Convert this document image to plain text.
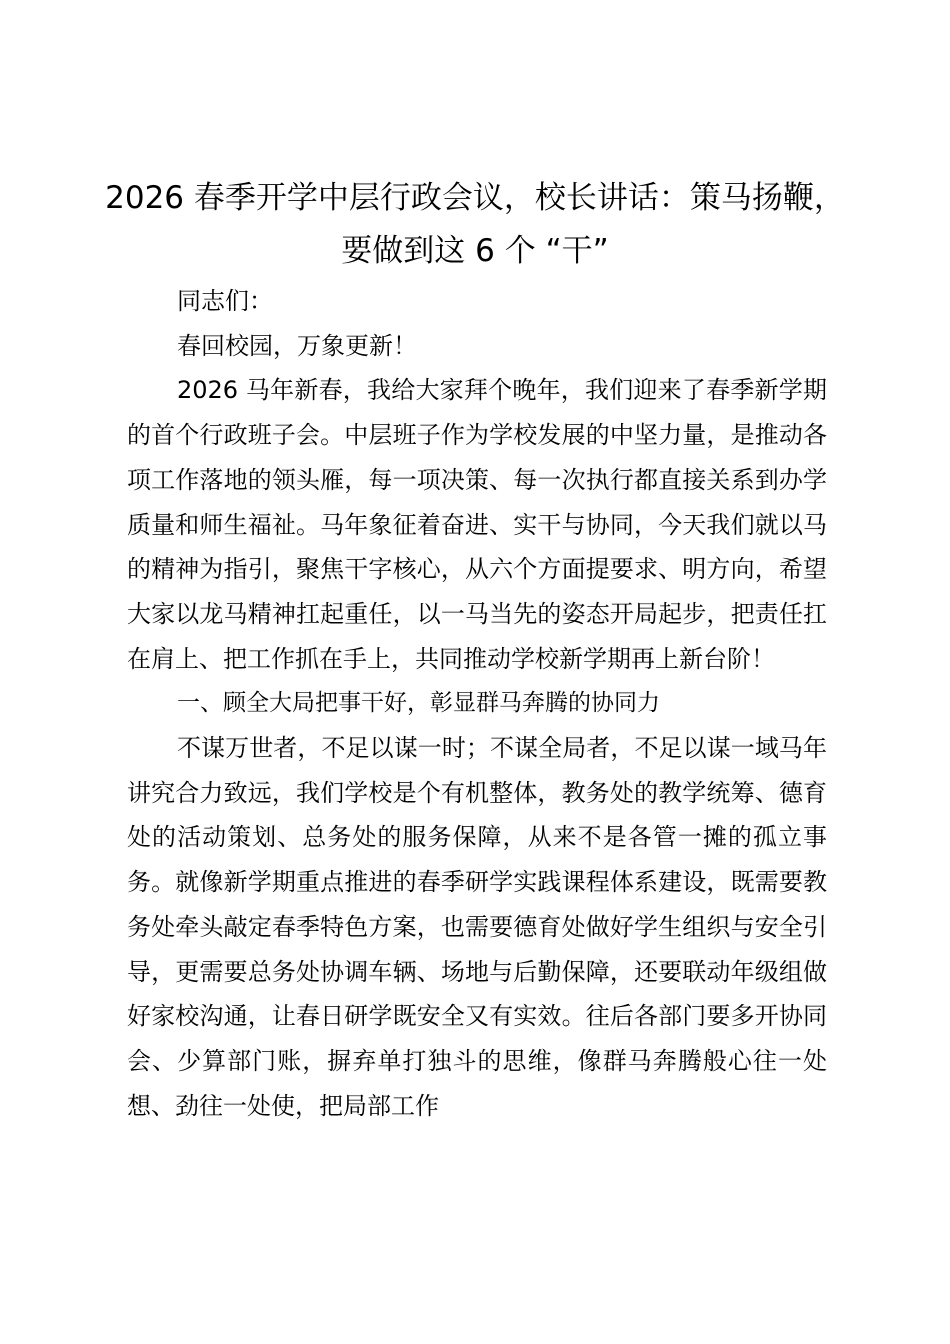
2026 春季开学中层行政会议，校长讲话：策马扬鞭，要做到这 6 个 “干”

同志们：

春回校园，万象更新！

2026 马年新春，我给大家拜个晚年，我们迎来了春季新学期的首个行政班子会。中层班子作为学校发展的中坚力量，是推动各项工作落地的领头雁，每一项决策、每一次执行都直接关系到办学质量和师生福祉。马年象征着奋进、实干与协同，今天我们就以马的精神为指引，聚焦干字核心，从六个方面提要求、明方向，希望大家以龙马精神扛起重任，以一马当先的姿态开局起步，把责任扛在肩上、把工作抓在手上，共同推动学校新学期再上新台阶！

一、顾全大局把事干好，彰显群马奔腾的协同力

不谋万世者，不足以谋一时；不谋全局者，不足以谋一域马年讲究合力致远，我们学校是个有机整体，教务处的教学统筹、德育处的活动策划、总务处的服务保障，从来不是各管一摊的孤立事务。就像新学期重点推进的春季研学实践课程体系建设，既需要教务处牵头敲定春季特色方案，也需要德育处做好学生组织与安全引导，更需要总务处协调车辆、场地与后勤保障，还要联动年级组做好家校沟通，让春日研学既安全又有实效。往后各部门要多开协同会、少算部门账，摒弃单打独斗的思维，像群马奔腾般心往一处想、劲往一处使，把局部工作
